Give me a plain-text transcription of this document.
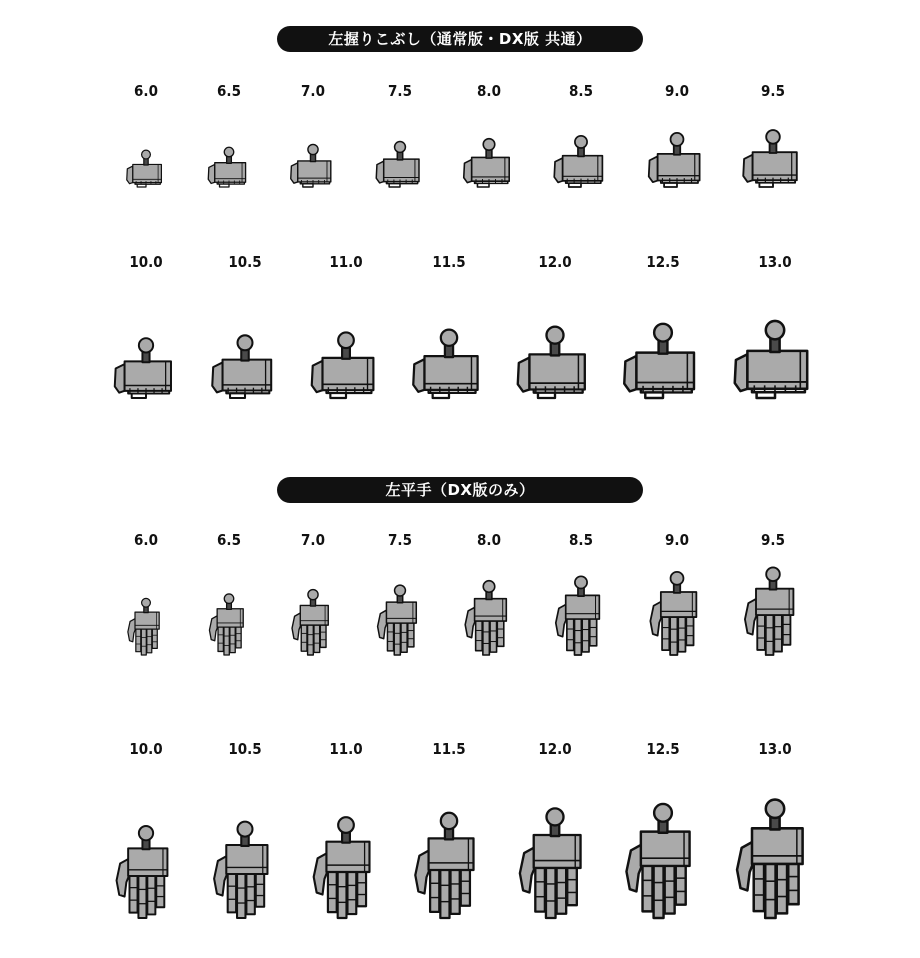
左握りこぶし（通常版・DX版 共通）
6.0	6.5	7.0	7.5	8.0	8.5	9.0	9.5
10.0	10.5	11.0	11.5	12.0	12.5	13.0
左平手（DX版のみ）
6.0	6.5	7.0	7.5	8.0	8.5	9.0	9.5
10.0	10.5	11.0	11.5	12.0	12.5	13.0
